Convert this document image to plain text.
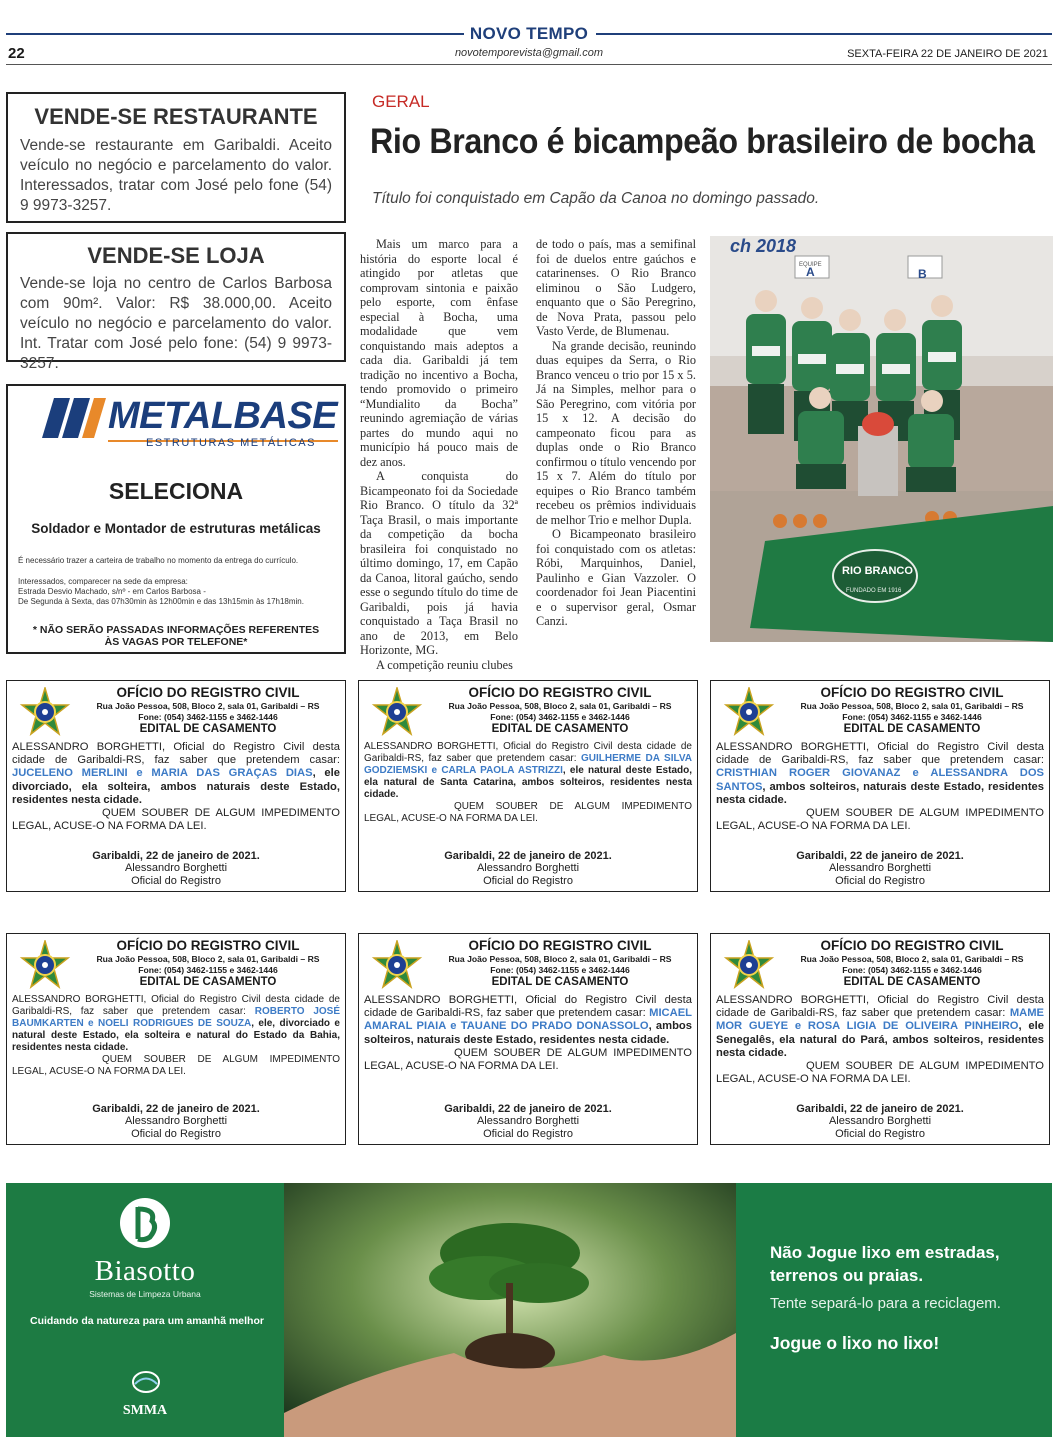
NOVO TEMPO
novotemporevista@gmail.com
22	SEXTA-FEIRA 22 DE JANEIRO DE 2021
VENDE-SE RESTAURANTE

Vende-se restaurante em Garibaldi. Aceito veículo no negócio e parcelamento do valor. Interessados, tratar com José pelo fone (54) 9 9973-3257.

VENDE-SE LOJA

Vende-se loja no centro de Carlos Barbosa com 90m². Valor: R$ 38.000,00. Aceito veículo no negócio e parcelamento do valor. Int. Tratar com José pelo fone: (54) 9 9973-3257.

METALBASE
ESTRUTURAS METÁLICAS
SELECIONA
Soldador e Montador de estruturas metálicas
É necessário trazer a carteira de trabalho no momento da entrega do currículo.
Interessados, comparecer na sede da empresa:
Estrada Desvio Machado, s/nº - em Carlos Barbosa -
De Segunda à Sexta, das 07h30min às 12h00min e das 13h15min às 17h18min.
* NÃO SERÃO PASSADAS INFORMAÇÕES REFERENTES
ÀS VAGAS POR TELEFONE*
GERAL
Rio Branco é bicampeão brasileiro de bocha
Título foi conquistado em Capão da Canoa no domingo passado.

Mais um marco para a história do esporte local é atingido por atletas que comprovam sintonia e paixão pelo esporte, com ênfase especial à Bocha, uma modalidade que vem conquistando mais adeptos a cada dia. Garibaldi já tem tradição no incentivo a Bocha, tendo promovido o primeiro “Mundialito da Bocha” reunindo agremiação de várias partes do mundo aqui no município há pouco mais de dez anos.

A conquista do Bicampeonato foi da Sociedade Rio Branco. O título da 32ª Taça Brasil, o mais importante da competição da bocha brasileira foi conquistado no último domingo, 17, em Capão da Canoa, litoral gaúcho, sendo esse o segundo título do time de Garibaldi, pois já havia conquistado a Taça Brasil no ano de 2013, em Belo Horizonte, MG.

A competição reuniu clubes

de todo o país, mas a semifinal foi de duelos entre gaúchos e catarinenses. O Rio Branco eliminou o São Ludgero, enquanto que o São Peregrino, de Nova Prata, passou pelo Vasto Verde, de Blumenau.

Na grande decisão, reunindo duas equipes da Serra, o Rio Branco venceu o trio por 15 x 5. Já na Simples, melhor para o São Peregrino, com vitória por 15 x 12. A decisão do campeonato ficou para as duplas onde o Rio Branco confirmou o título vencendo por 15 x 7. Além do título por equipes o Rio Branco também recebeu os prêmios individuais de melhor Trio e melhor Dupla.

O Bicampeonato brasileiro foi conquistado com os atletas: Róbi, Marquinhos, Daniel, Paulinho e Gian Vazzoler. O coordenador foi Jean Piacentini e o supervisor geral, Osmar Canzi.

ch 2018
EQUIPE
A	B
RIO BRANCO
FUNDADO EM 1916
OFÍCIO DO REGISTRO CIVIL
Rua João Pessoa, 508, Bloco 2, sala 01, Garibaldi – RS
Fone: (054) 3462-1155 e 3462-1446
EDITAL DE CASAMENTO
ALESSANDRO BORGHETTI, Oficial do Registro Civil desta cidade de Garibaldi-RS, faz saber que pretendem casar: JUCELENO MERLINI e MARIA DAS GRAÇAS DIAS, ele divorciado, ela solteira, ambos naturais deste Estado, residentes nesta cidade.
QUEM SOUBER DE ALGUM IMPEDIMENTO LEGAL, ACUSE-O NA FORMA DA LEI.
Garibaldi, 22 de janeiro de 2021.
Alessandro Borghetti
Oficial do Registro
OFÍCIO DO REGISTRO CIVIL
Rua João Pessoa, 508, Bloco 2, sala 01, Garibaldi – RS
Fone: (054) 3462-1155 e 3462-1446
EDITAL DE CASAMENTO
ALESSANDRO BORGHETTI, Oficial do Registro Civil desta cidade de Garibaldi-RS, faz saber que pretendem casar: GUILHERME DA SILVA GODZIEMSKI e CARLA PAOLA ASTRIZZI, ele natural deste Estado, ela natural de Santa Catarina, ambos solteiros, residentes nesta cidade.
QUEM SOUBER DE ALGUM IMPEDIMENTO LEGAL, ACUSE-O NA FORMA DA LEI.
Garibaldi, 22 de janeiro de 2021.
Alessandro Borghetti
Oficial do Registro
OFÍCIO DO REGISTRO CIVIL
Rua João Pessoa, 508, Bloco 2, sala 01, Garibaldi – RS
Fone: (054) 3462-1155 e 3462-1446
EDITAL DE CASAMENTO
ALESSANDRO BORGHETTI, Oficial do Registro Civil desta cidade de Garibaldi-RS, faz saber que pretendem casar: CRISTHIAN ROGER GIOVANAZ e ALESSANDRA DOS SANTOS, ambos solteiros, naturais deste Estado, residentes nesta cidade.
QUEM SOUBER DE ALGUM IMPEDIMENTO LEGAL, ACUSE-O NA FORMA DA LEI.
Garibaldi, 22 de janeiro de 2021.
Alessandro Borghetti
Oficial do Registro
OFÍCIO DO REGISTRO CIVIL
Rua João Pessoa, 508, Bloco 2, sala 01, Garibaldi – RS
Fone: (054) 3462-1155 e 3462-1446
EDITAL DE CASAMENTO
ALESSANDRO BORGHETTI, Oficial do Registro Civil desta cidade de Garibaldi-RS, faz saber que pretendem casar: ROBERTO JOSÉ BAUMKARTEN e NOELI RODRIGUES DE SOUZA, ele, divorciado e natural deste Estado, ela solteira e natural do Estado da Bahia, residentes nesta cidade.
QUEM SOUBER DE ALGUM IMPEDIMENTO LEGAL, ACUSE-O NA FORMA DA LEI.
Garibaldi, 22 de janeiro de 2021.
Alessandro Borghetti
Oficial do Registro
OFÍCIO DO REGISTRO CIVIL
Rua João Pessoa, 508, Bloco 2, sala 01, Garibaldi – RS
Fone: (054) 3462-1155 e 3462-1446
EDITAL DE CASAMENTO
ALESSANDRO BORGHETTI, Oficial do Registro Civil desta cidade de Garibaldi-RS, faz saber que pretendem casar: MICAEL AMARAL PIAIA e TAUANE DO PRADO DONASSOLO, ambos solteiros, naturais deste Estado, residentes nesta cidade.
QUEM SOUBER DE ALGUM IMPEDIMENTO LEGAL, ACUSE-O NA FORMA DA LEI.
Garibaldi, 22 de janeiro de 2021.
Alessandro Borghetti
Oficial do Registro
OFÍCIO DO REGISTRO CIVIL
Rua João Pessoa, 508, Bloco 2, sala 01, Garibaldi – RS
Fone: (054) 3462-1155 e 3462-1446
EDITAL DE CASAMENTO
ALESSANDRO BORGHETTI, Oficial do Registro Civil desta cidade de Garibaldi-RS, faz saber que pretendem casar: MAME MOR GUEYE e ROSA LIGIA DE OLIVEIRA PINHEIRO, ele Senegalês, ela natural do Pará, ambos solteiros, residentes nesta cidade.
QUEM SOUBER DE ALGUM IMPEDIMENTO LEGAL, ACUSE-O NA FORMA DA LEI.
Garibaldi, 22 de janeiro de 2021.
Alessandro Borghetti
Oficial do Registro
Biasotto
Sistemas de Limpeza Urbana
Cuidando da natureza para um amanhã melhor
SMMA
Não Jogue lixo em estradas,
terrenos ou praias.
Tente separá-lo para a reciclagem.
Jogue o lixo no lixo!
